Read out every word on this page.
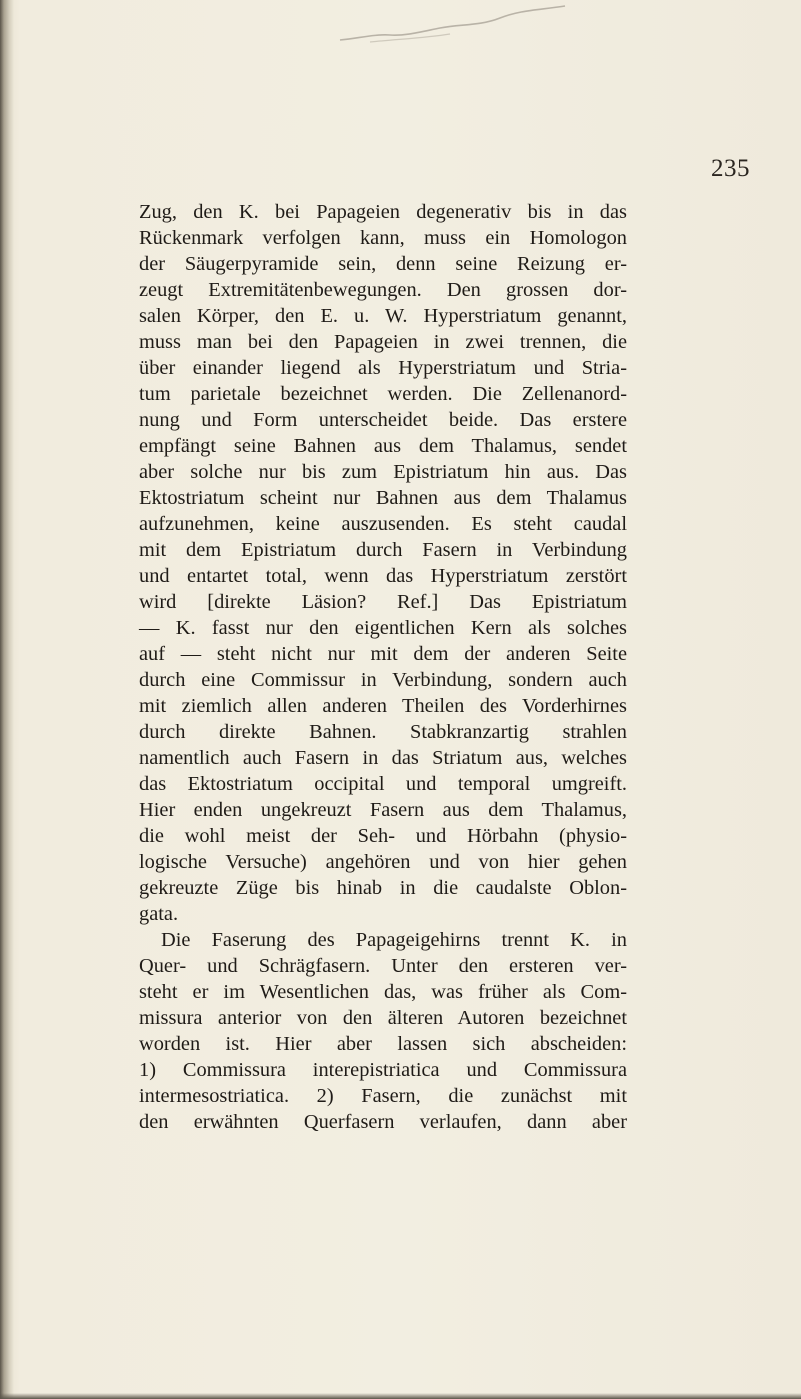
235
Zug, den K. bei Papageien degenerativ bis in das
Rückenmark verfolgen kann, muss ein Homologon
der Säugerpyramide sein, denn seine Reizung er-
zeugt Extremitätenbewegungen. Den grossen dor-
salen Körper, den E. u. W. Hyperstriatum genannt,
muss man bei den Papageien in zwei trennen, die
über einander liegend als Hyperstriatum und Stria-
tum parietale bezeichnet werden. Die Zellenanord-
nung und Form unterscheidet beide. Das erstere
empfängt seine Bahnen aus dem Thalamus, sendet
aber solche nur bis zum Epistriatum hin aus. Das
Ektostriatum scheint nur Bahnen aus dem Thalamus
aufzunehmen, keine auszusenden. Es steht caudal
mit dem Epistriatum durch Fasern in Verbindung
und entartet total, wenn das Hyperstriatum zerstört
wird [direkte Läsion? Ref.] Das Epistriatum
— K. fasst nur den eigentlichen Kern als solches
auf — steht nicht nur mit dem der anderen Seite
durch eine Commissur in Verbindung, sondern auch
mit ziemlich allen anderen Theilen des Vorderhirnes
durch direkte Bahnen. Stabkranzartig strahlen
namentlich auch Fasern in das Striatum aus, welches
das Ektostriatum occipital und temporal umgreift.
Hier enden ungekreuzt Fasern aus dem Thalamus,
die wohl meist der Seh- und Hörbahn (physio-
logische Versuche) angehören und von hier gehen
gekreuzte Züge bis hinab in die caudalste Oblon-
gata.
Die Faserung des Papageigehirns trennt K. in
Quer- und Schrägfasern. Unter den ersteren ver-
steht er im Wesentlichen das, was früher als Com-
missura anterior von den älteren Autoren bezeichnet
worden ist. Hier aber lassen sich abscheiden:
1) Commissura interepistriatica und Commissura
intermesostriatica. 2) Fasern, die zunächst mit
den erwähnten Querfasern verlaufen, dann aber
